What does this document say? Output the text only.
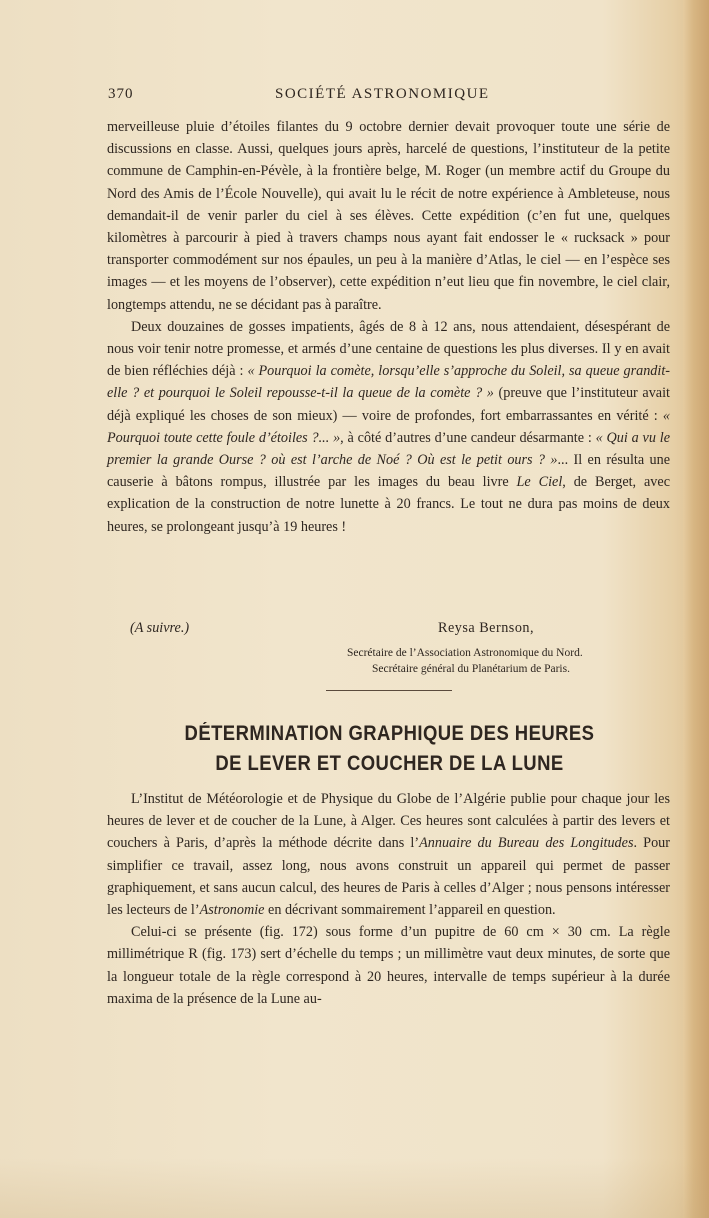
370	SOCIÉTÉ ASTRONOMIQUE

merveilleuse pluie d’étoiles filantes du 9 octobre dernier devait provoquer toute une série de discussions en classe. Aussi, quelques jours après, harcelé de questions, l’instituteur de la petite commune de Camphin-en-Pévèle, à la frontière belge, M. Roger (un membre actif du Groupe du Nord des Amis de l’École Nouvelle), qui avait lu le récit de notre expérience à Ambleteuse, nous demandait-il de venir parler du ciel à ses élèves. Cette expédition (c’en fut une, quelques kilomètres à parcourir à pied à travers champs nous ayant fait endosser le « rucksack » pour transporter commodément sur nos épaules, un peu à la manière d’Atlas, le ciel — en l’espèce ses images — et les moyens de l’observer), cette expédition n’eut lieu que fin novembre, le ciel clair, longtemps attendu, ne se décidant pas à paraître.

Deux douzaines de gosses impatients, âgés de 8 à 12 ans, nous attendaient, désespérant de nous voir tenir notre promesse, et armés d’une centaine de questions les plus diverses. Il y en avait de bien réfléchies déjà : « Pourquoi la comète, lorsqu’elle s’approche du Soleil, sa queue grandit-elle ? et pourquoi le Soleil repousse-t-il la queue de la comète ? » (preuve que l’instituteur avait déjà expliqué les choses de son mieux) — voire de profondes, fort embarrassantes en vérité : « Pourquoi toute cette foule d’étoiles ?... », à côté d’autres d’une candeur désarmante : « Qui a vu le premier la grande Ourse ? où est l’arche de Noé ? Où est le petit ours ? »... Il en résulta une causerie à bâtons rompus, illustrée par les images du beau livre Le Ciel, de Berget, avec explication de la construction de notre lunette à 20 francs. Le tout ne dura pas moins de deux heures, se prolongeant jusqu’à 19 heures !

(A suivre.)	Reysa Bernson,
Secrétaire de l’Association Astronomique du Nord.
Secrétaire général du Planétarium de Paris.
DÉTERMINATION GRAPHIQUE DES HEURES
DE LEVER ET COUCHER DE LA LUNE

L’Institut de Météorologie et de Physique du Globe de l’Algérie publie pour chaque jour les heures de lever et de coucher de la Lune, à Alger. Ces heures sont calculées à partir des levers et couchers à Paris, d’après la méthode décrite dans l’Annuaire du Bureau des Longitudes. Pour simplifier ce travail, assez long, nous avons construit un appareil qui permet de passer graphiquement, et sans aucun calcul, des heures de Paris à celles d’Alger ; nous pensons intéresser les lecteurs de l’Astronomie en décrivant sommairement l’appareil en question.

Celui-ci se présente (fig. 172) sous forme d’un pupitre de 60 cm × 30 cm. La règle millimétrique R (fig. 173) sert d’échelle du temps ; un millimètre vaut deux minutes, de sorte que la longueur totale de la règle correspond à 20 heures, intervalle de temps supérieur à la durée maxima de la présence de la Lune au-
